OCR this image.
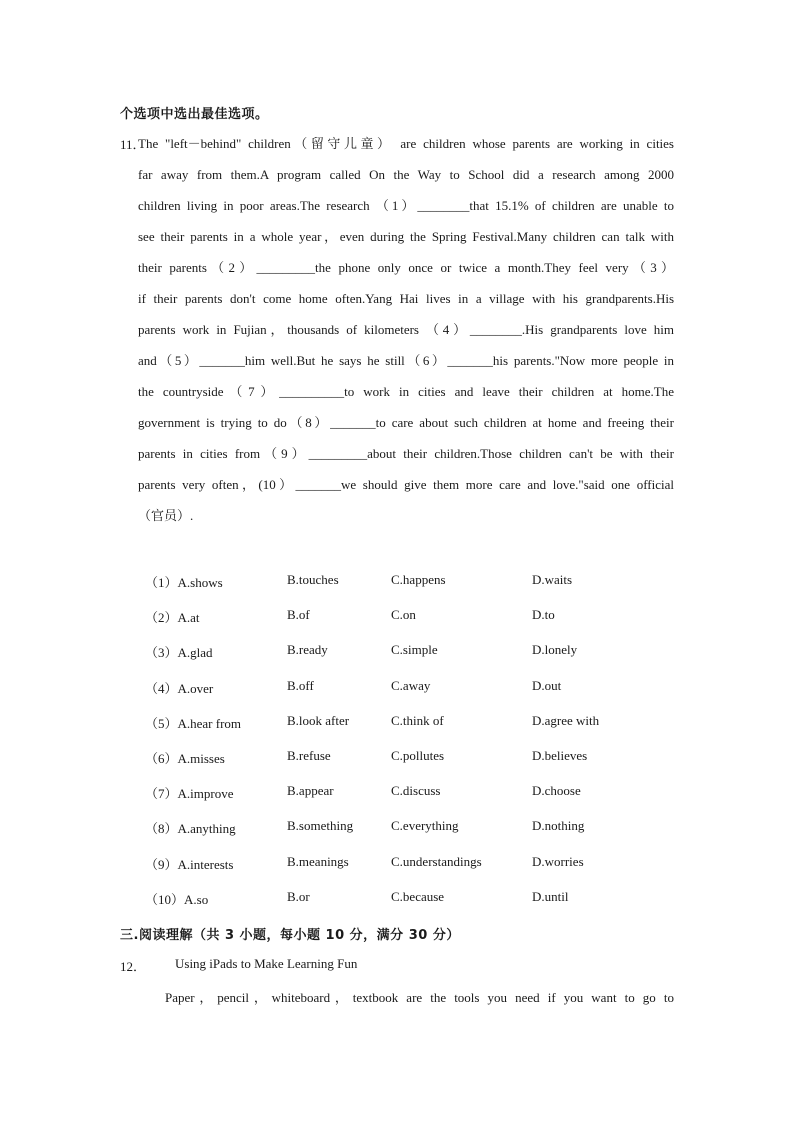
个选项中选出最佳选项。
11．
The "left－behind" children（留守儿童） are children whose parents are working in cities
far away from them.A program called On the Way to School did a research among 2000
children living in poor areas.The research （1）________that 15.1% of children are unable to
see their parents in a whole year，even during the Spring Festival.Many children can talk with
their parents（2）_________the phone only once or twice a month.They feel very（3）
if their parents don't come home often.Yang Hai lives in a village with his grandparents.His
parents work in Fujian，thousands of kilometers （4）________.His grandparents love him
and（5）_______him well.But he says he still（6）_______his parents."Now more people in
the countryside（7）__________to work in cities and leave their children at home.The
government is trying to do（8）_______to care about such children at home and freeing their
parents in cities from（9）_________about their children.Those children can't be with their
parents very often，(10）_______we should give them more care and love."said one official
（官员）.
（1）A.shows	B.touches	C.happens	D.waits
（2）A.at	B.of	C.on	D.to
（3）A.glad	B.ready	C.simple	D.lonely
（4）A.over	B.off	C.away	D.out
（5）A.hear from	B.look after	C.think of	D.agree with
（6）A.misses	B.refuse	C.pollutes	D.believes
（7）A.improve	B.appear	C.discuss	D.choose
（8）A.anything	B.something	C.everything	D.nothing
（9）A.interests	B.meanings	C.understandings	D.worries
（10）A.so	B.or	C.because	D.until
三.阅读理解（共 3 小题，每小题 10 分，满分 30 分）
12． Using iPads to Make Learning Fun
Paper，pencil，whiteboard，textbook are the tools you need if you want to go to
